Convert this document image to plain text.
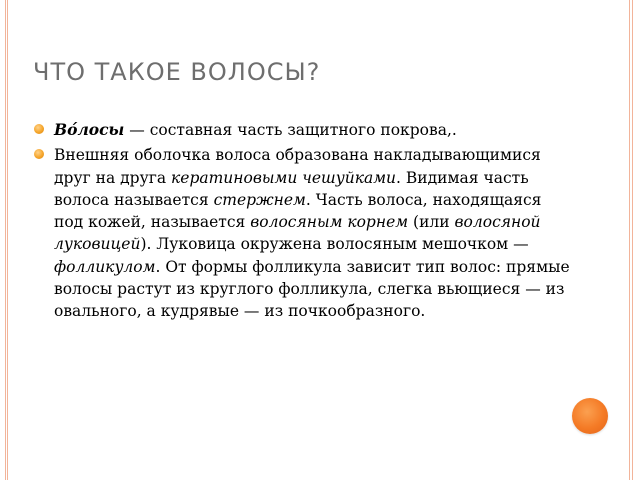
ЧТО ТАКОЕ ВОЛОСЫ?
Во́лосы — составная часть защитного покрова,.
Внешняя оболочка волоса образована накладывающимися друг на друга кератиновыми чешуйками. Видимая часть волоса называется стержнем. Часть волоса, находящаяся под кожей, называется волосяным корнем (или волосяной луковицей). Луковица окружена волосяным мешочком — фолликулом. От формы фолликула зависит тип волос: прямые волосы растут из круглого фолликула, слегка вьющиеся — из овального, а кудрявые — из почкообразного.
